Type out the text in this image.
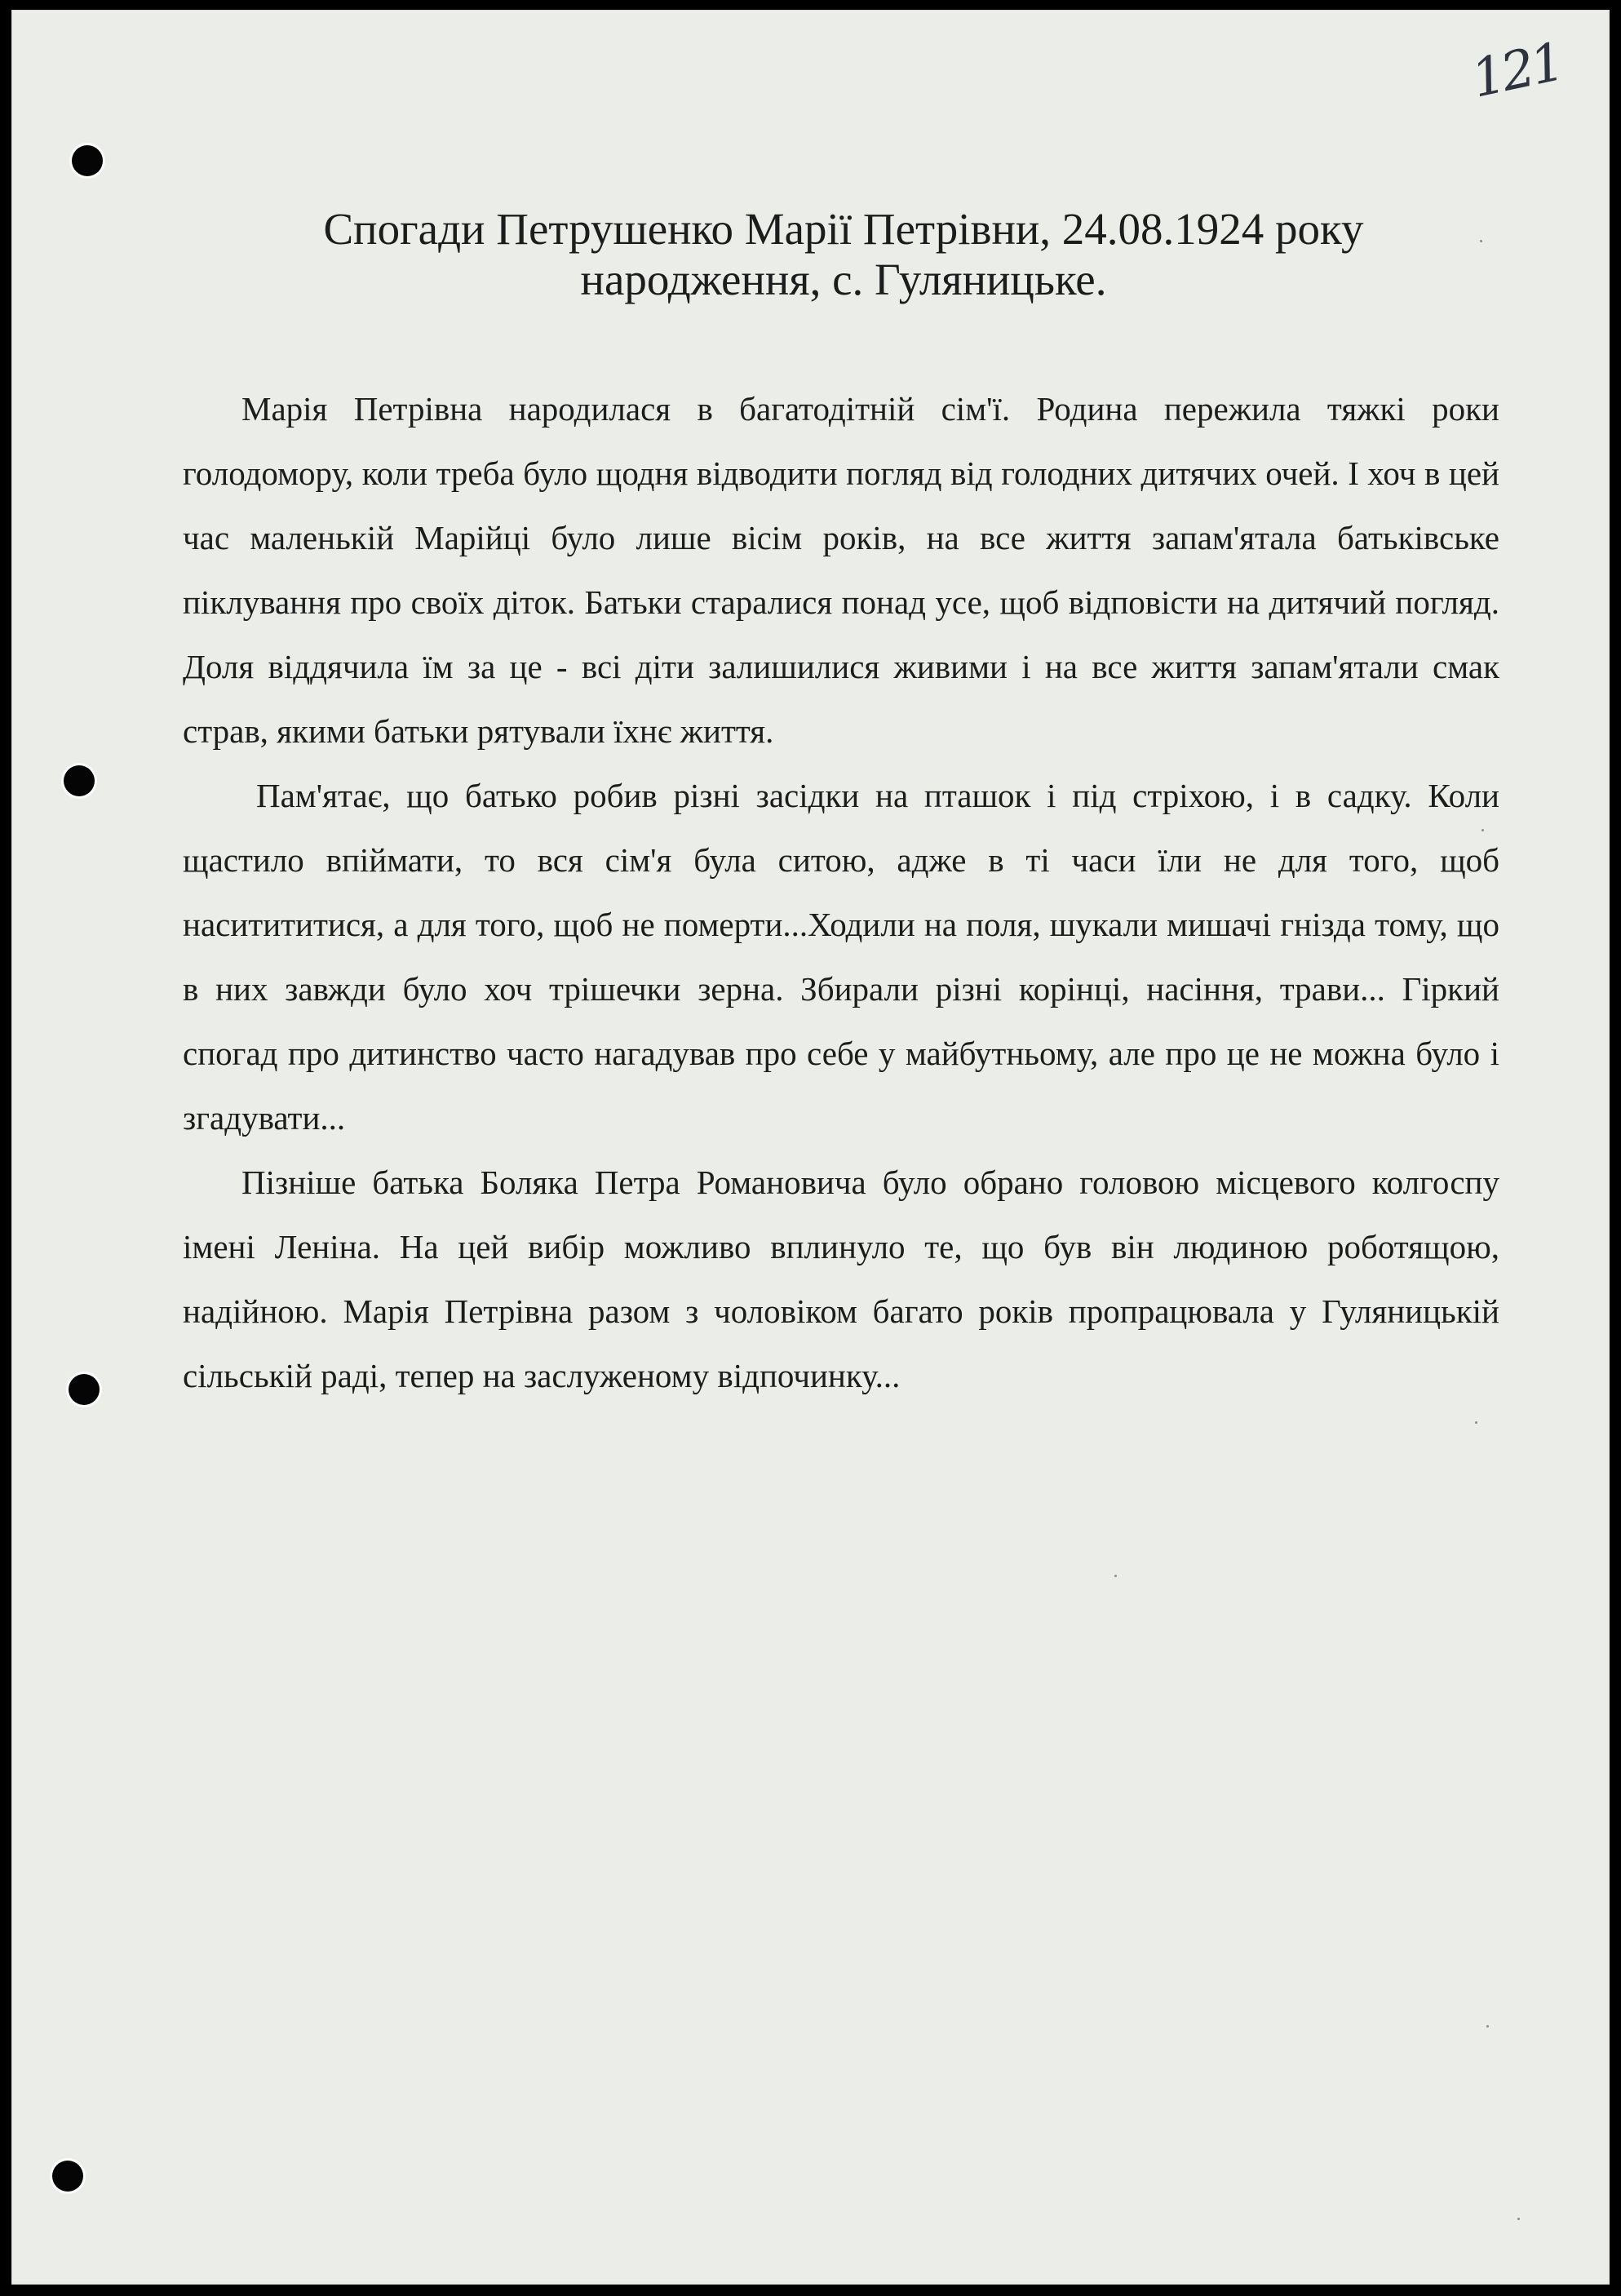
121
Спогади Петрушенко Марії Петрівни, 24.08.1924 року
народження, с. Гуляницьке.

Марія Петрівна народилася в багатодітній сім'ї. Родина пережила тяжкі роки голодомору, коли треба було щодня відводити погляд від голодних дитячих очей. І хоч в цей час маленькій Марійці було лише вісім років, на все життя запам'ятала батьківське піклування про своїх діток. Батьки старалися понад усе, щоб відповісти на дитячий погляд. Доля віддячила їм за це - всі діти залишилися живими і на все життя запам'ятали смак страв, якими батьки рятували їхнє життя.

Пам'ятає, що батько робив різні засідки на пташок і під стріхою, і в садку. Коли щастило впіймати, то вся сім'я була ситою, адже в ті часи їли не для того, щоб наситититися, а для того, щоб не померти...Ходили на поля, шукали мишачі гнізда тому, що в них завжди було хоч трішечки зерна. Збирали різні корінці, насіння, трави... Гіркий спогад про дитинство часто нагадував про себе у майбутньому, але про це не можна було і згадувати...

Пізніше батька Боляка Петра Романовича було обрано головою місцевого колгоспу імені Леніна. На цей вибір можливо вплинуло те, що був він людиною роботящою, надійною. Марія Петрівна разом з чоловіком багато років пропрацювала у Гуляницькій сільській раді, тепер на заслуженому відпочинку...
